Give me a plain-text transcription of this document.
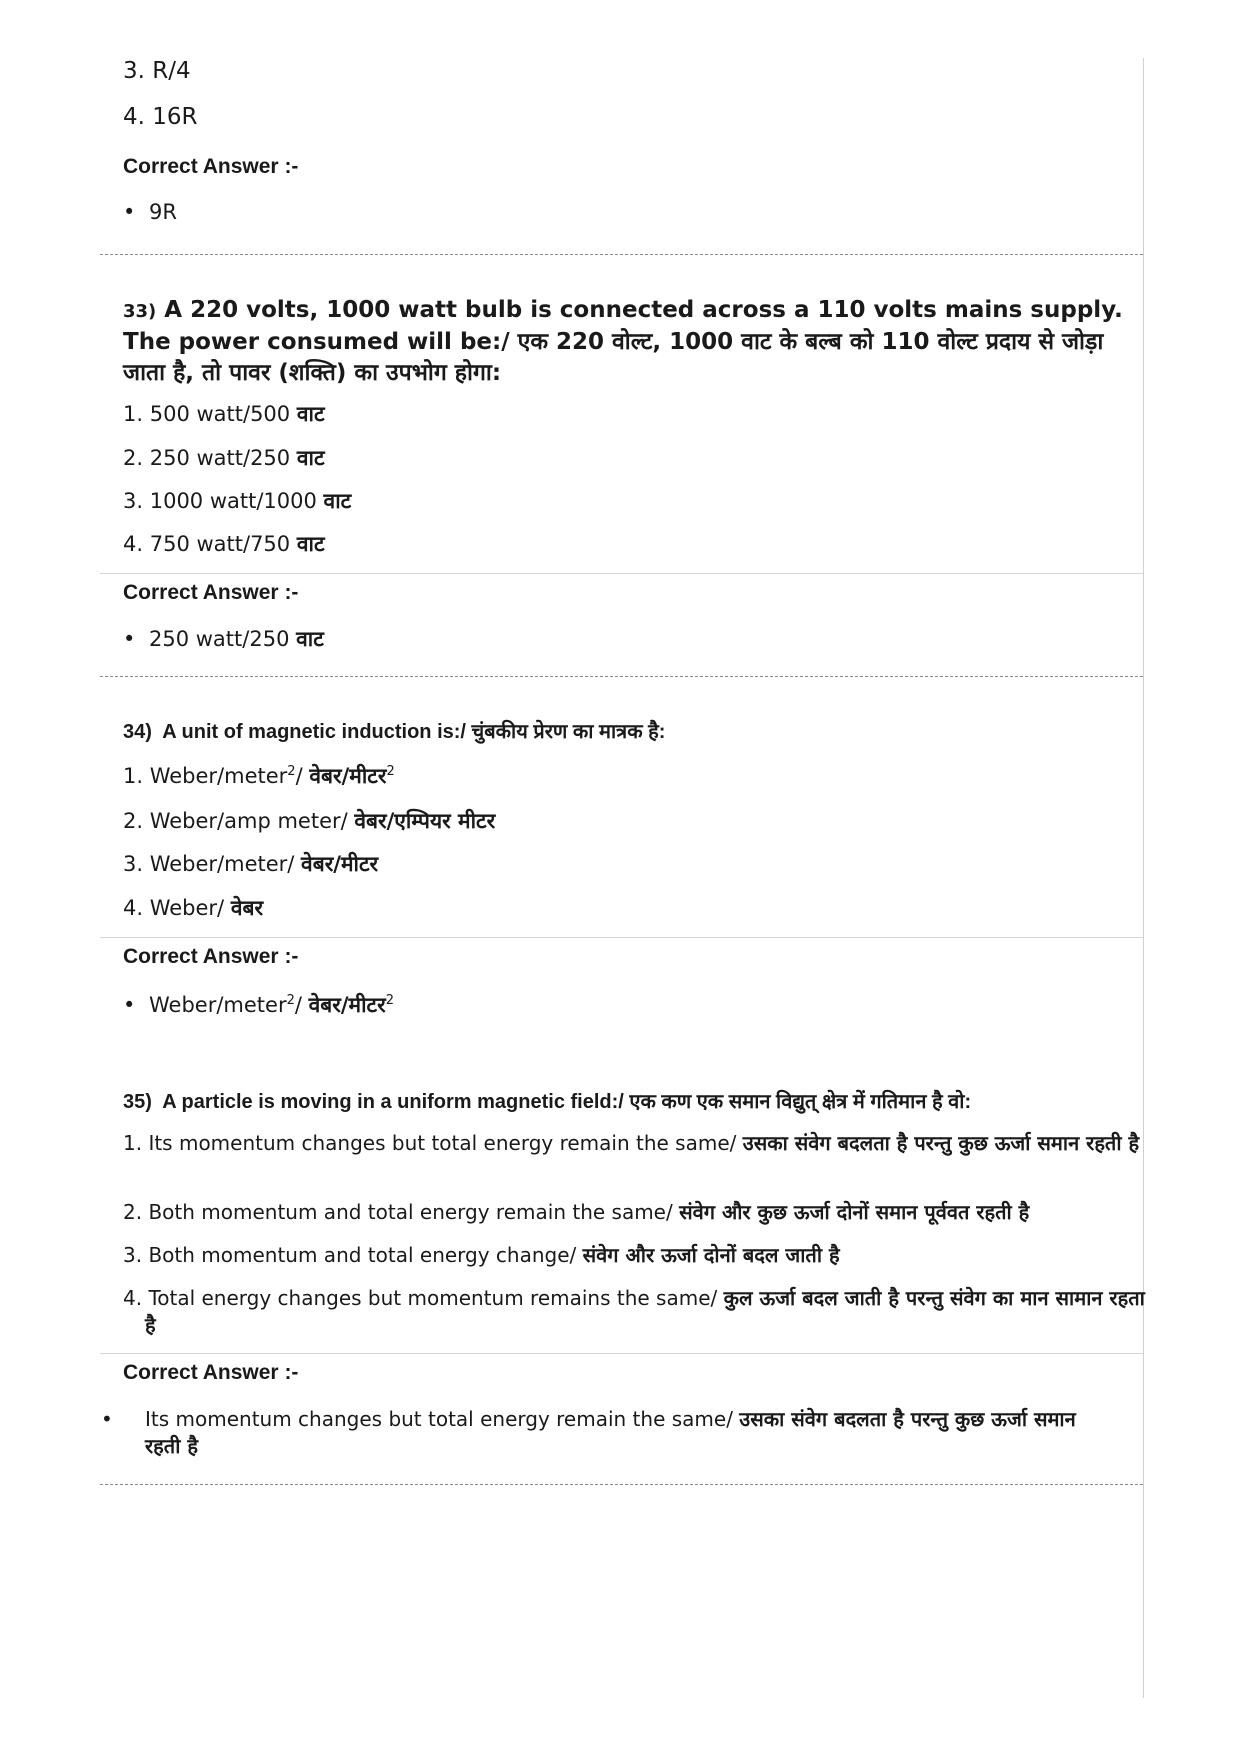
3. R/4
4. 16R
Correct Answer :-
• 9R
33) A 220 volts, 1000 watt bulb is connected across a 110 volts mains supply. The power consumed will be:/ एक 220 वोल्ट, 1000 वाट के बल्ब को 110 वोल्ट प्रदाय से जोड़ा जाता है, तो पावर (शक्ति) का उपभोग होगा:
1. 500 watt/500 वाट
2. 250 watt/250 वाट
3. 1000 watt/1000 वाट
4. 750 watt/750 वाट
Correct Answer :-
• 250 watt/250 वाट
34) A unit of magnetic induction is:/ चुंबकीय प्रेरण का मात्रक है:
1. Weber/meter$^2$/ वेबर/मीटर$^2$
2. Weber/amp meter/ वेबर/एम्पियर मीटर
3. Weber/meter/ वेबर/मीटर
4. Weber/ वेबर
Correct Answer :-
• Weber/meter$^2$/ वेबर/मीटर$^2$
35) A particle is moving in a uniform magnetic field:/ एक कण एक समान विद्युत् क्षेत्र में गतिमान है वो:
1. Its momentum changes but total energy remain the same/ उसका संवेग बदलता है परन्तु कुछ ऊर्जा समान रहती है
2. Both momentum and total energy remain the same/ संवेग और कुछ ऊर्जा दोनों समान पूर्ववत रहती है
3. Both momentum and total energy change/ संवेग और ऊर्जा दोनों बदल जाती है
4. Total energy changes but momentum remains the same/ कुल ऊर्जा बदल जाती है परन्तु संवेग का मान सामान रहता है
Correct Answer :-
• Its momentum changes but total energy remain the same/ उसका संवेग बदलता है परन्तु कुछ ऊर्जा समान रहती है
